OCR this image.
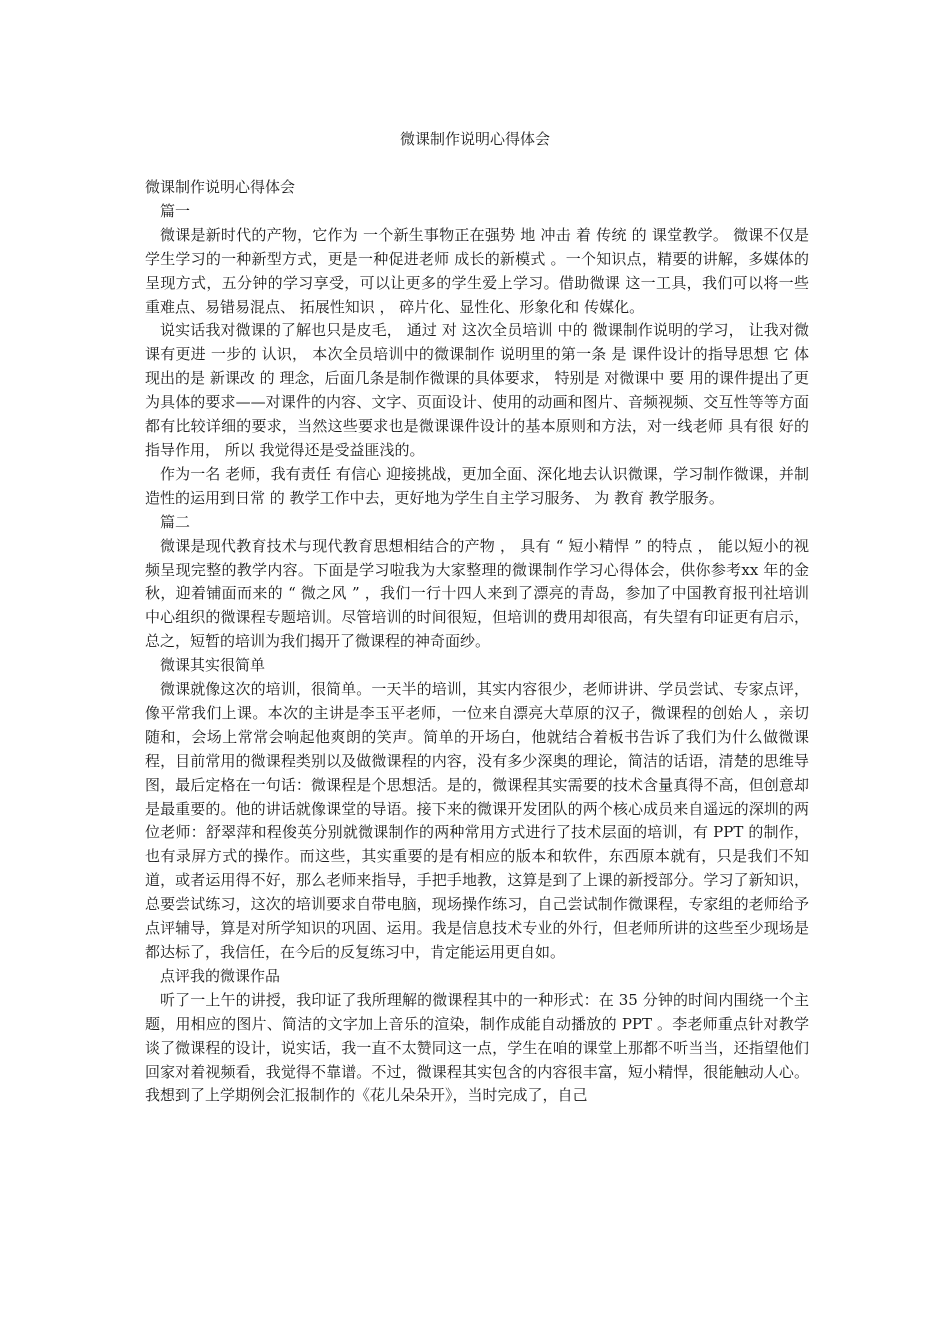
微课制作说明心得体会

微课制作说明心得体会

篇一

微课是新时代的产物，它作为 一个新生事物正在强势 地 冲击 着 传统 的 课堂教学。 微课不仅是学生学习的一种新型方式，更是一种促进老师 成长的新模式 。一个知识点，精要的讲解，多媒体的呈现方式，五分钟的学习享受，可以让更多的学生爱上学习。借助微课 这一工具，我们可以将一些重难点、易错易混点、 拓展性知识 ， 碎片化、显性化、形象化和 传媒化。

说实话我对微课的了解也只是皮毛， 通过 对 这次全员培训 中的 微课制作说明的学习， 让我对微课有更进 一步的 认识， 本次全员培训中的微课制作 说明里的第一条 是 课件设计的指导思想 它 体现出的是 新课改 的 理念，后面几条是制作微课的具体要求， 特别是 对微课中 要 用的课件提出了更为具体的要求——对课件的内容、文字、页面设计、使用的动画和图片、音频视频、交互性等等方面 都有比较详细的要求，当然这些要求也是微课课件设计的基本原则和方法，对一线老师 具有很 好的指导作用， 所以 我觉得还是受益匪浅的。

作为一名 老师，我有责任 有信心 迎接挑战，更加全面、深化地去认识微课，学习制作微课，并制造性的运用到日常 的 教学工作中去，更好地为学生自主学习服务、 为 教育 教学服务。

篇二

微课是现代教育技术与现代教育思想相结合的产物 ， 具有 “ 短小精悍 ” 的特点 ， 能以短小的视频呈现完整的教学内容。下面是学习啦我为大家整理的微课制作学习心得体会，供你参考xx 年的金秋，迎着铺面而来的 “ 微之风 ” ，我们一行十四人来到了漂亮的青岛，参加了中国教育报刊社培训中心组织的微课程专题培训。尽管培训的时间很短，但培训的费用却很高，有失望有印证更有启示，总之，短暂的培训为我们揭开了微课程的神奇面纱。

微课其实很简单

微课就像这次的培训，很简单。一天半的培训，其实内容很少，老师讲讲、学员尝试、专家点评，像平常我们上课。本次的主讲是李玉平老师，一位来自漂亮大草原的汉子，微课程的创始人 ，亲切随和，会场上常常会响起他爽朗的笑声。简单的开场白，他就结合着板书告诉了我们为什么做微课程，目前常用的微课程类别以及做微课程的内容，没有多少深奥的理论，简洁的话语，清楚的思维导图，最后定格在一句话：微课程是个思想活。是的，微课程其实需要的技术含量真得不高，但创意却是最重要的。他的讲话就像课堂的导语。接下来的微课开发团队的两个核心成员来自遥远的深圳的两位老师：舒翠萍和程俊英分别就微课制作的两种常用方式进行了技术层面的培训，有 PPT 的制作，也有录屏方式的操作。而这些，其实重要的是有相应的版本和软件，东西原本就有，只是我们不知道，或者运用得不好，那么老师来指导，手把手地教，这算是到了上课的新授部分。学习了新知识，总要尝试练习，这次的培训要求自带电脑，现场操作练习，自己尝试制作微课程，专家组的老师给予点评辅导，算是对所学知识的巩固、运用。我是信息技术专业的外行，但老师所讲的这些至少现场是都达标了，我信任，在今后的反复练习中，肯定能运用更自如。

点评我的微课作品

听了一上午的讲授，我印证了我所理解的微课程其中的一种形式：在 35 分钟的时间内围绕一个主题，用相应的图片、简洁的文字加上音乐的渲染，制作成能自动播放的 PPT 。李老师重点针对教学谈了微课程的设计，说实话，我一直不太赞同这一点，学生在咱的课堂上那都不听当当，还指望他们回家对着视频看，我觉得不靠谱。不过，微课程其实包含的内容很丰富，短小精悍，很能触动人心。我想到了上学期例会汇报制作的《花儿朵朵开》，当时完成了，自己
